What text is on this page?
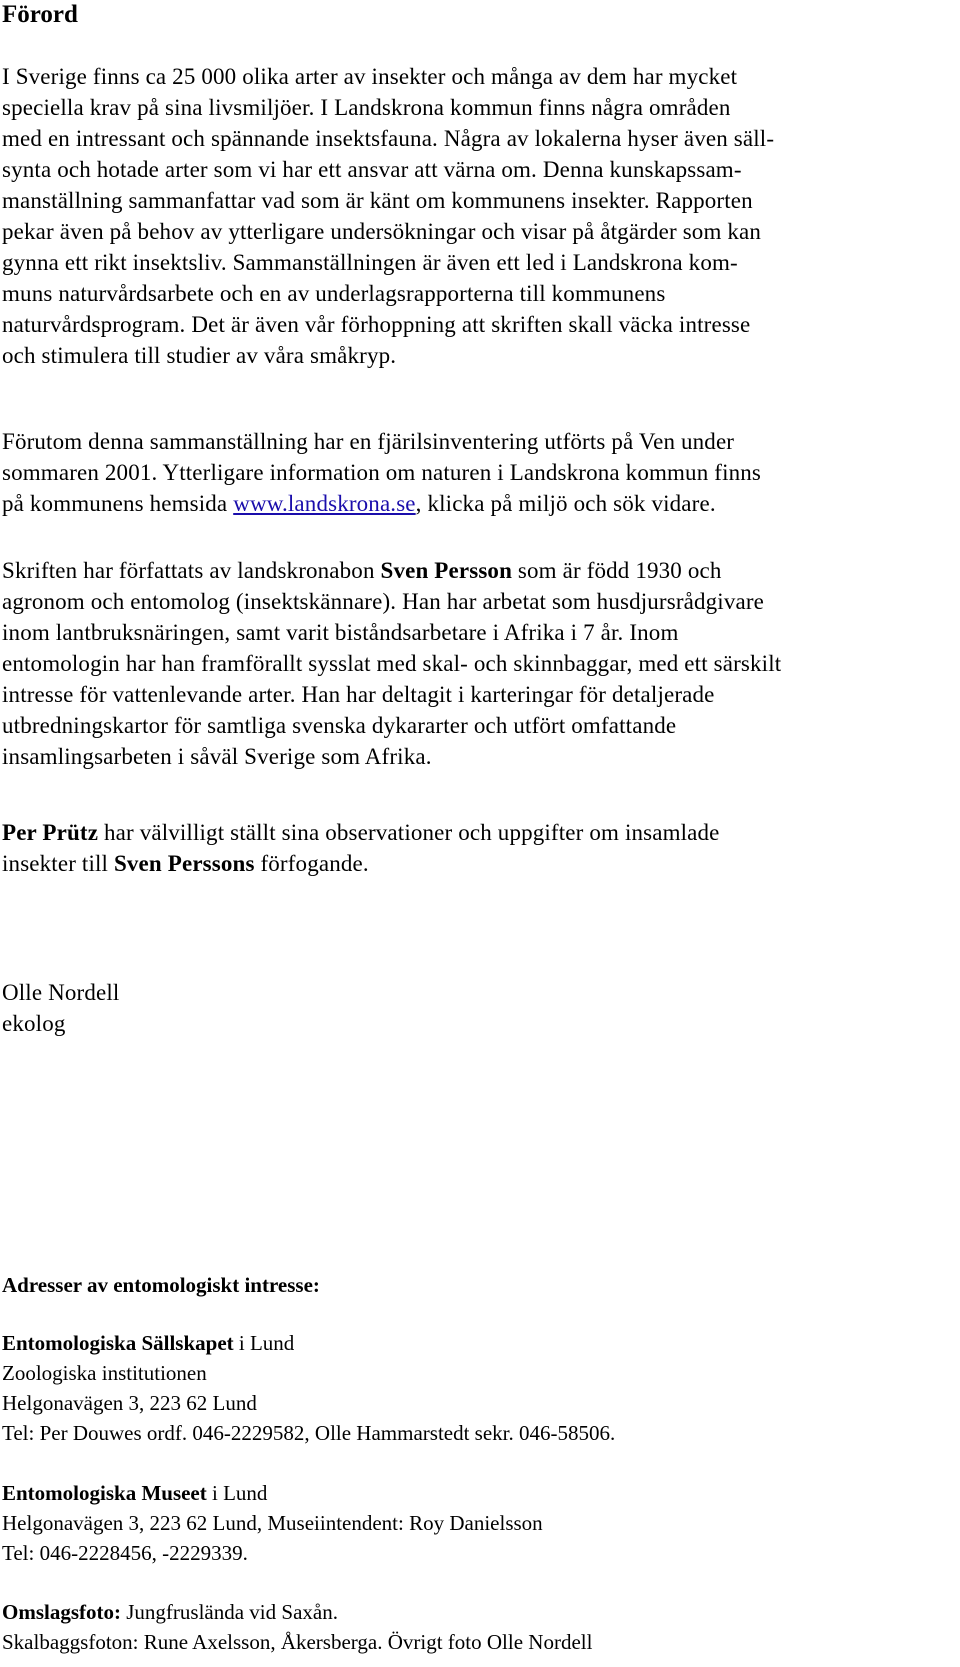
Förord

I Sverige finns ca 25 000 olika arter av insekter och många av dem har mycket
speciella krav på sina livsmiljöer. I Landskrona kommun finns några områden
med en intressant och spännande insektsfauna. Några av lokalerna hyser även säll-
synta och hotade arter som vi har ett ansvar att värna om. Denna kunskapssam-
manställning sammanfattar vad som är känt om kommunens insekter. Rapporten
pekar även på behov av ytterligare undersökningar och visar på åtgärder som kan
gynna ett rikt insektsliv. Sammanställningen är även ett led i Landskrona kom-
muns naturvårdsarbete och en av underlagsrapporterna till kommunens
naturvårdsprogram. Det är även vår förhoppning att skriften skall väcka intresse
och stimulera till studier av våra småkryp.

Förutom denna sammanställning har en fjärilsinventering utförts på Ven under
sommaren 2001. Ytterligare information om naturen i Landskrona kommun finns
på kommunens hemsida www.landskrona.se, klicka på miljö och sök vidare.

Skriften har författats av landskronabon Sven Persson som är född 1930 och
agronom och entomolog (insektskännare). Han har arbetat som husdjursrådgivare
inom lantbruksnäringen, samt varit biståndsarbetare i Afrika i 7 år. Inom
entomologin har han framförallt sysslat med skal- och skinnbaggar, med ett särskilt
intresse för vattenlevande arter. Han har deltagit i karteringar för detaljerade
utbredningskartor för samtliga svenska dykararter och utfört omfattande
insamlingsarbeten i såväl Sverige som Afrika.

Per Prütz har välvilligt ställt sina observationer och uppgifter om insamlade
insekter till Sven Perssons förfogande.

Olle Nordell
ekolog

Adresser av entomologiskt intresse:

Entomologiska Sällskapet i Lund
Zoologiska institutionen
Helgonavägen 3, 223 62 Lund
Tel: Per Douwes ordf. 046-2229582, Olle Hammarstedt sekr. 046-58506.

Entomologiska Museet i Lund
Helgonavägen 3, 223 62 Lund, Museiintendent: Roy Danielsson
Tel: 046-2228456, -2229339.

Omslagsfoto: Jungfrusländа vid Saxån.
Skalbaggsfoton: Rune Axelsson, Åkersberga. Övrigt foto Olle Nordell
